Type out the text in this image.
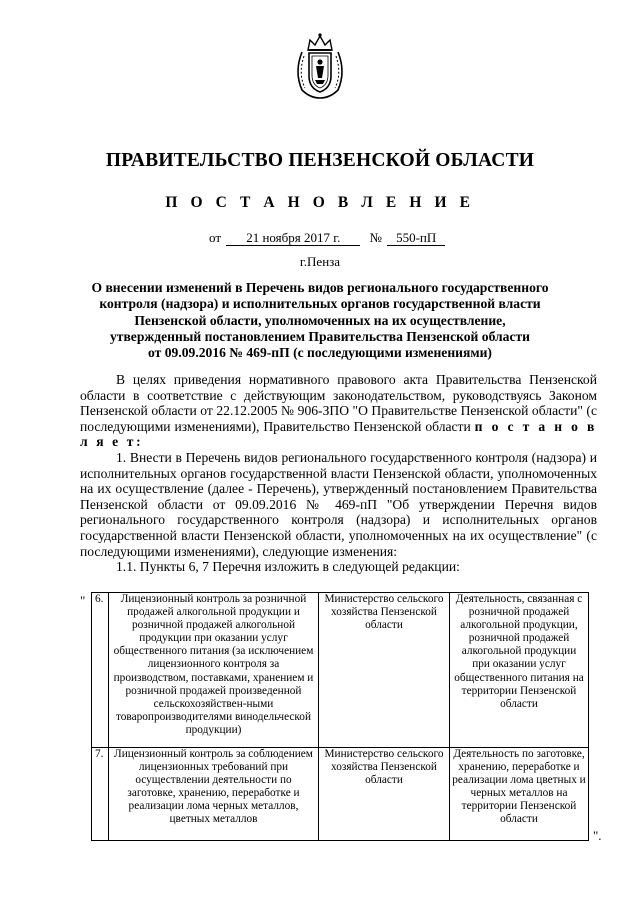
ПРАВИТЕЛЬСТВО ПЕНЗЕНСКОЙ ОБЛАСТИ
П О С Т А Н О В Л Е Н И Е
от 21 ноября 2017 г. № 550-пП
г.Пенза
О внесении изменений в Перечень видов регионального государственного
контроля (надзора) и исполнительных органов государственной власти
Пензенской области, уполномоченных на их осуществление,
утвержденный постановлением Правительства Пензенской области
от 09.09.2016 № 469-пП (с последующими изменениями)

В целях приведения нормативного правового акта Правительства Пензенской области в соответствие с действующим законодательством, руководствуясь Законом Пензенской области от 22.12.2005 № 906-ЗПО "О Правительстве Пензенской области" (с последующими изменениями), Правительство Пензенской области п о с т а н о в л я е т:

1. Внести в Перечень видов регионального государственного контроля (надзора) и исполнительных органов государственной власти Пензенской области, уполномоченных на их осуществление (далее - Перечень), утвержденный постановлением Правительства Пензенской области от 09.09.2016 № 469-пП "Об утверждении Перечня видов регионального государственного контроля (надзора) и исполнительных органов государственной власти Пензенской области, уполномоченных на их осуществление" (с последующими изменениями), следующие изменения:

1.1. Пункты 6, 7 Перечня изложить в следующей редакции:

" 6.	Лицензионный контроль за розничной продажей алкогольной продукции и розничной продажей алкогольной продукции при оказании услуг общественного питания (за исключением лицензионного контроля за производством, поставками, хранением и розничной продажей произведенной сельскохозяйствен-ными товаропроизводителями винодельческой продукции)	Министерство сельского хозяйства Пензенской области	Деятельность, связанная с розничной продажей алкогольной продукции, розничной продажей алкогольной продукции при оказании услуг общественного питания на территории Пензенской области
7.	Лицензионный контроль за соблюдением лицензионных требований при осуществлении деятельности по заготовке, хранению, переработке и реализации лома черных металлов, цветных металлов	Министерство сельского хозяйства Пензенской области	Деятельность по заготовке, хранению, переработке и реализации лома цветных и черных металлов на территории Пензенской области
".
